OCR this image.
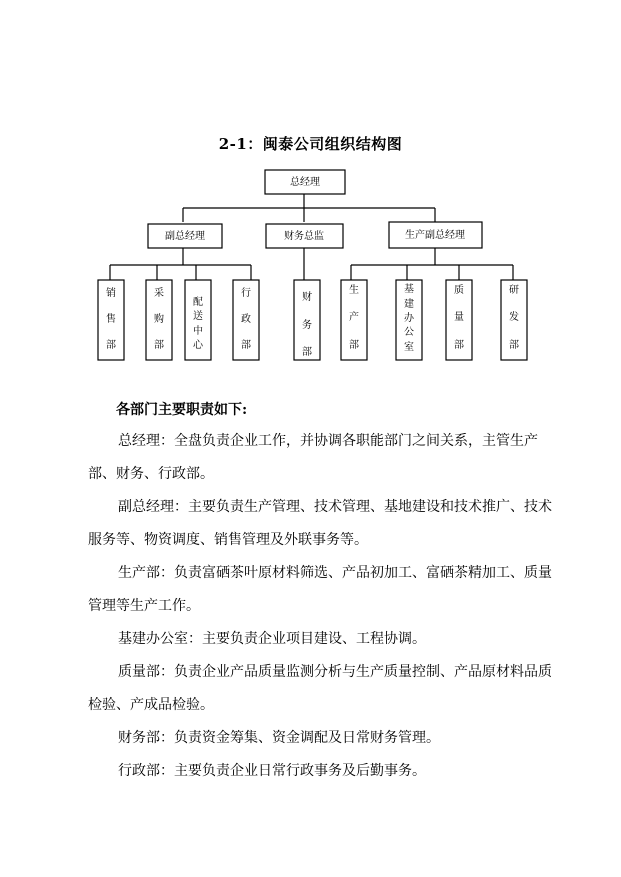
2-1：闽泰公司组织结构图
总经理
副总经理	财务总监	生产副总经理
销
售
部
采
购
部
配
送
中
心
行
政
部
财
务
部
生
产
部
基
建
办
公
室
质
量
部
研
发
部
各部门主要职责如下:

总经理：全盘负责企业工作，并协调各职能部门之间关系，主管生产部、财务、行政部。

副总经理：主要负责生产管理、技术管理、基地建设和技术推广、技术服务等、物资调度、销售管理及外联事务等。

生产部：负责富硒茶叶原材料筛选、产品初加工、富硒茶精加工、质量管理等生产工作。

基建办公室：主要负责企业项目建设、工程协调。

质量部：负责企业产品质量监测分析与生产质量控制、产品原材料品质检验、产成品检验。

财务部：负责资金筹集、资金调配及日常财务管理。

行政部：主要负责企业日常行政事务及后勤事务。
